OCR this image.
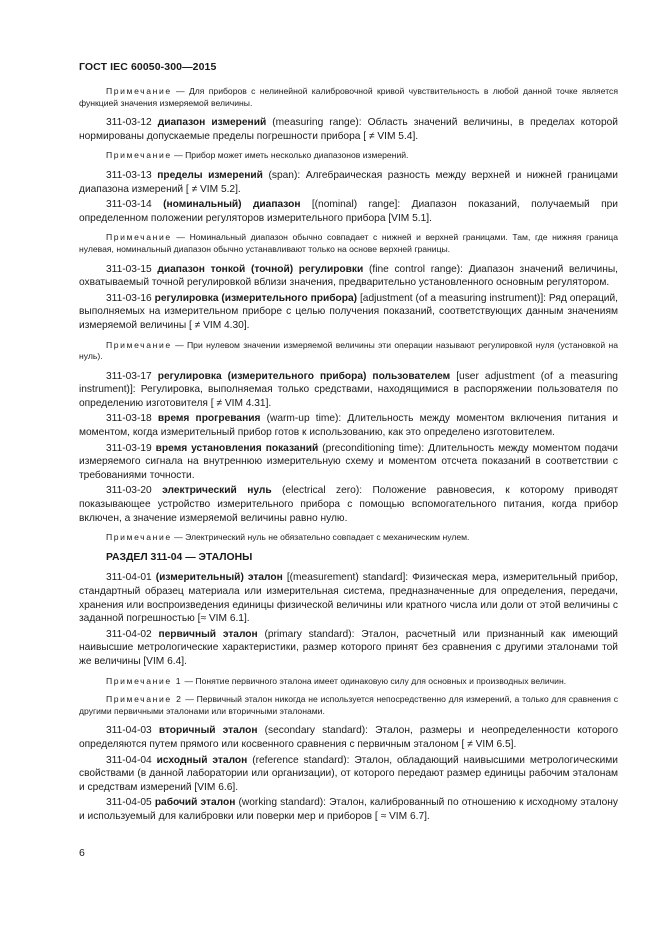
ГОСТ IEC 60050-300—2015

Примечание — Для приборов с нелинейной калибровочной кривой чувствительность в любой данной точке является функцией значения измеряемой величины.

311-03-12 диапазон измерений (measuring range): Область значений величины, в пределах которой нормированы допускаемые пределы погрешности прибора [ ≠ VIM 5.4].

Примечание — Прибор может иметь несколько диапазонов измерений.

311-03-13 пределы измерений (span): Алгебраическая разность между верхней и нижней границами диапазона измерений [ ≠ VIM 5.2].

311-03-14 (номинальный) диапазон [(nominal) range]: Диапазон показаний, получаемый при определенном положении регуляторов измерительного прибора [VIM 5.1].

Примечание — Номинальный диапазон обычно совпадает с нижней и верхней границами. Там, где нижняя граница нулевая, номинальный диапазон обычно устанавливают только на основе верхней границы.

311-03-15 диапазон тонкой (точной) регулировки (fine control range): Диапазон значений величины, охватываемый точной регулировкой вблизи значения, предварительно установленного основным регулятором.

311-03-16 регулировка (измерительного прибора) [adjustment (of a measuring instrument)]: Ряд операций, выполняемых на измерительном приборе с целью получения показаний, соответствующих данным значениям измеряемой величины [ ≠ VIM 4.30].

Примечание — При нулевом значении измеряемой величины эти операции называют регулировкой нуля (установкой на нуль).

311-03-17 регулировка (измерительного прибора) пользователем [user adjustment (of a measuring instrument)]: Регулировка, выполняемая только средствами, находящимися в распоряжении пользователя по определению изготовителя [ ≠ VIM 4.31].

311-03-18 время прогревания (warm-up time): Длительность между моментом включения питания и моментом, когда измерительный прибор готов к использованию, как это определено изготовителем.

311-03-19 время установления показаний (preconditioning time): Длительность между моментом подачи измеряемого сигнала на внутреннюю измерительную схему и моментом отсчета показаний в соответствии с требованиями точности.

311-03-20 электрический нуль (electrical zero): Положение равновесия, к которому приводят показывающее устройство измерительного прибора с помощью вспомогательного питания, когда прибор включен, а значение измеряемой величины равно нулю.

Примечание — Электрический нуль не обязательно совпадает с механическим нулем.

РАЗДЕЛ 311-04 — ЭТАЛОНЫ

311-04-01 (измерительный) эталон [(measurement) standard]: Физическая мера, измерительный прибор, стандартный образец материала или измерительная система, предназначенные для определения, передачи, хранения или воспроизведения единицы физической величины или кратного числа или доли от этой величины с заданной погрешностью [≈ VIM 6.1].

311-04-02 первичный эталон (primary standard): Эталон, расчетный или признанный как имеющий наивысшие метрологические характеристики, размер которого принят без сравнения с другими эталонами той же величины [VIM 6.4].

Примечание 1 — Понятие первичного эталона имеет одинаковую силу для основных и производных величин.

Примечание 2 — Первичный эталон никогда не используется непосредственно для измерений, а только для сравнения с другими первичными эталонами или вторичными эталонами.

311-04-03 вторичный эталон (secondary standard): Эталон, размеры и неопределенности которого определяются путем прямого или косвенного сравнения с первичным эталоном [ ≠ VIM 6.5].

311-04-04 исходный эталон (reference standard): Эталон, обладающий наивысшими метрологическими свойствами (в данной лаборатории или организации), от которого передают размер единицы рабочим эталонам и средствам измерений [VIM 6.6].

311-04-05 рабочий эталон (working standard): Эталон, калиброванный по отношению к исходному эталону и используемый для калибровки или поверки мер и приборов [ ≈ VIM 6.7].

6
